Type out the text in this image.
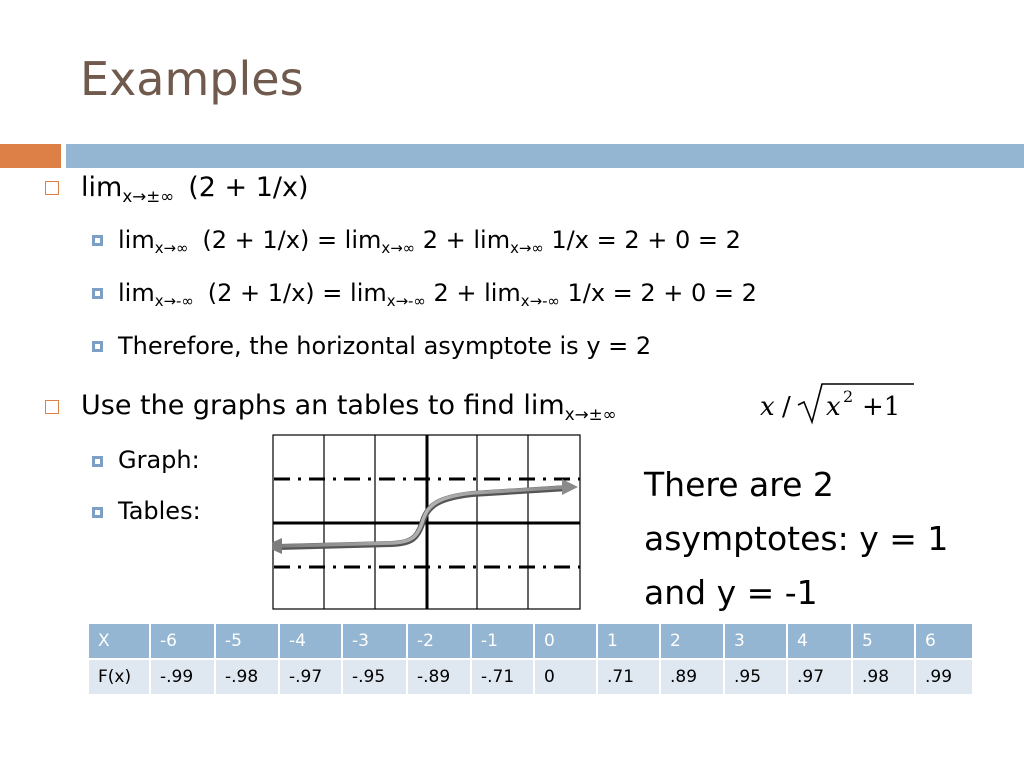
Examples
$\lim_{x\to\pm\infty} (2 + 1/x)$
$\lim_{x\to\infty} (2 + 1/x) = \lim_{x\to\infty} 2 + \lim_{x\to\infty} 1/x = 2 + 0 = 2$
$\lim_{x\to-\infty} (2 + 1/x) = \lim_{x\to-\infty} 2 + \lim_{x\to-\infty} 1/x = 2 + 0 = 2$
Therefore, the horizontal asymptote is y = 2
Use the graphs an tables to find $\lim_{x\to\pm\infty}$	x / x 2 +1
Graph:
Tables:
There are 2
asymptotes: y = 1
and y = -1
X	-6	-5	-4	-3	-2	-1	0	1	2	3	4	5	6
F(x)	-.99	-.98	-.97	-.95	-.89	-.71	0	.71	.89	.95	.97	.98	.99
